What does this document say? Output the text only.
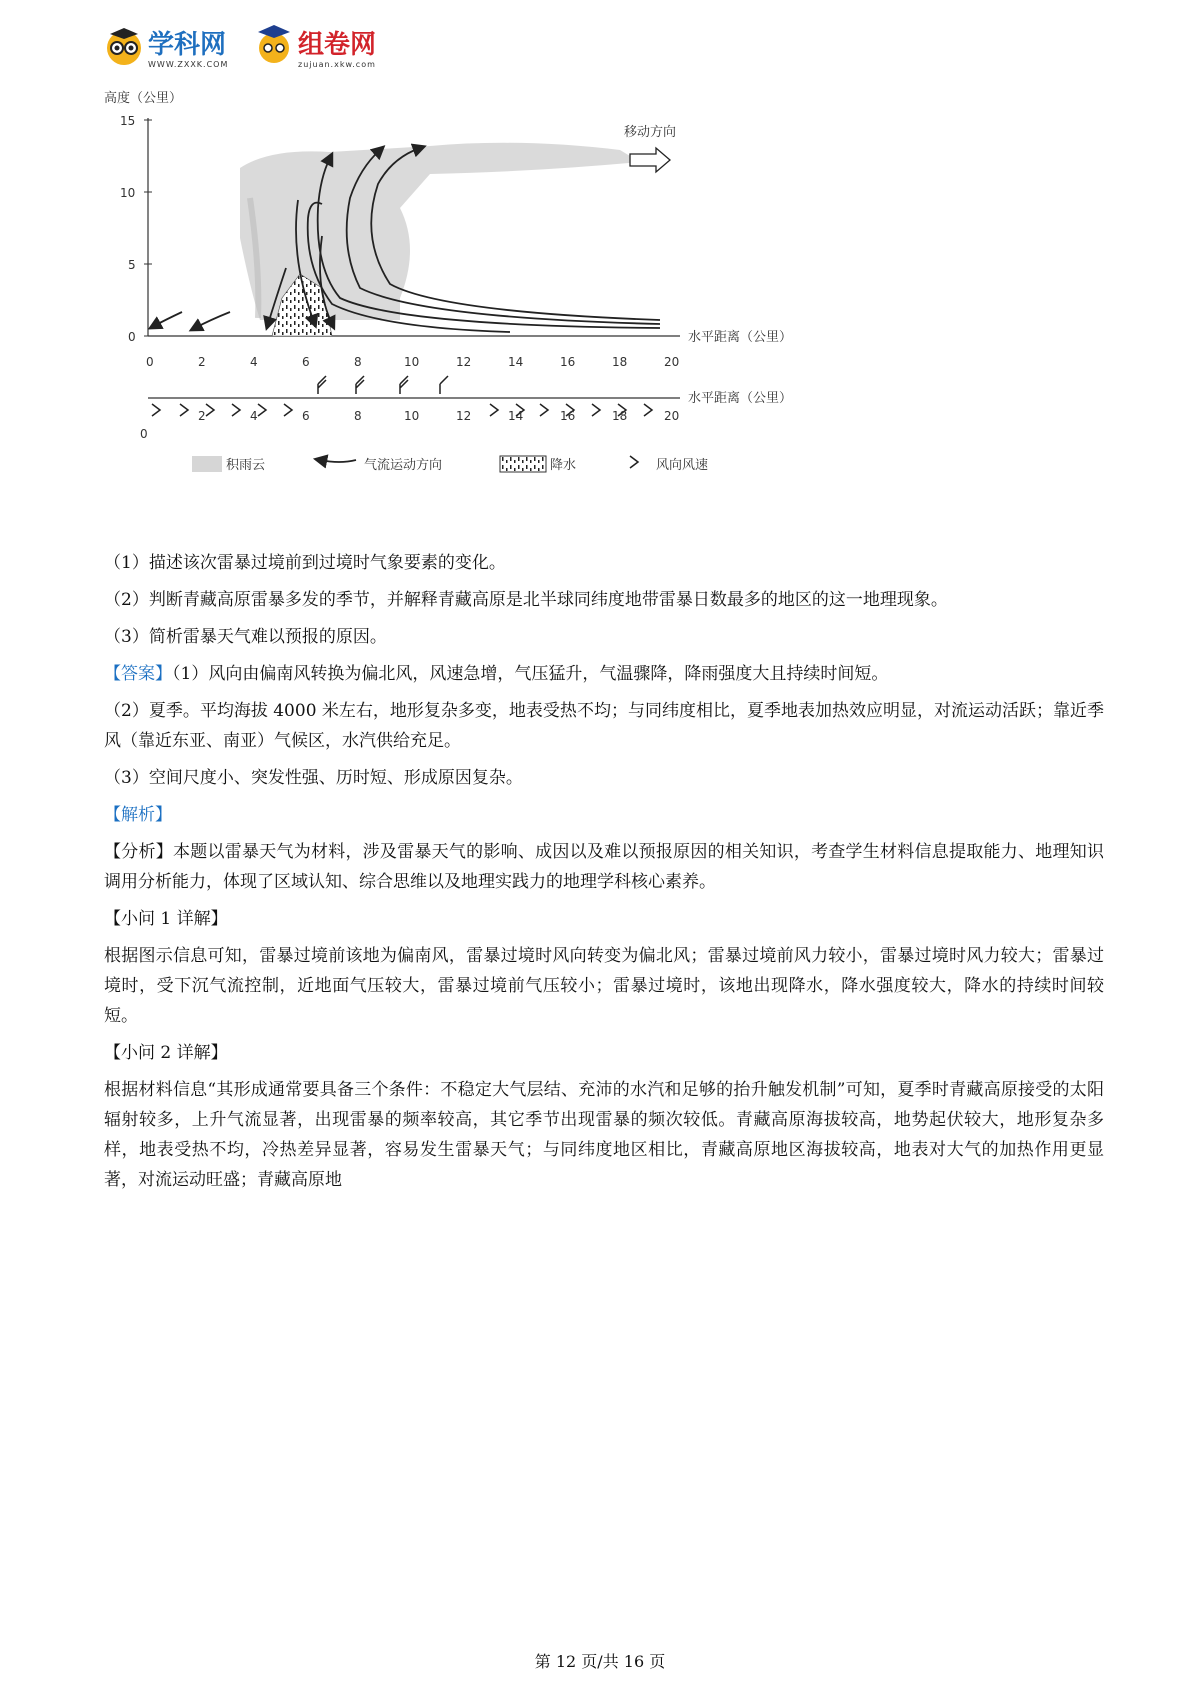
学科网
WWW.ZXXK.COM
组卷网
zujuan.xkw.com
高度（公里）
15
10
5
0	水平距离（公里）
0	2	4	6	8	10	12	14	16	18	20
移动方向
水平距离（公里）
0
2	4	6	8	10	12	14	16	18	20
积雨云	气流运动方向	降水	风向风速

（1）描述该次雷暴过境前到过境时气象要素的变化。

（2）判断青藏高原雷暴多发的季节，并解释青藏高原是北半球同纬度地带雷暴日数最多的地区的这一地理现象。

（3）简析雷暴天气难以预报的原因。

【答案】（1）风向由偏南风转换为偏北风，风速急增，气压猛升，气温骤降，降雨强度大且持续时间短。

（2）夏季。平均海拔 4000 米左右，地形复杂多变，地表受热不均；与同纬度相比，夏季地表加热效应明显，对流运动活跃；靠近季风（靠近东亚、南亚）气候区，水汽供给充足。

（3）空间尺度小、突发性强、历时短、形成原因复杂。

【解析】

【分析】本题以雷暴天气为材料，涉及雷暴天气的影响、成因以及难以预报原因的相关知识，考查学生材料信息提取能力、地理知识调用分析能力，体现了区域认知、综合思维以及地理实践力的地理学科核心素养。

【小问 1 详解】

根据图示信息可知，雷暴过境前该地为偏南风，雷暴过境时风向转变为偏北风；雷暴过境前风力较小，雷暴过境时风力较大；雷暴过境时，受下沉气流控制，近地面气压较大，雷暴过境前气压较小；雷暴过境时，该地出现降水，降水强度较大，降水的持续时间较短。

【小问 2 详解】

根据材料信息“其形成通常要具备三个条件：不稳定大气层结、充沛的水汽和足够的抬升触发机制”可知，夏季时青藏高原接受的太阳辐射较多，上升气流显著，出现雷暴的频率较高，其它季节出现雷暴的频次较低。青藏高原海拔较高，地势起伏较大，地形复杂多样，地表受热不均，冷热差异显著，容易发生雷暴天气；与同纬度地区相比，青藏高原地区海拔较高，地表对大气的加热作用更显著，对流运动旺盛；青藏高原地

第 12 页/共 16 页
